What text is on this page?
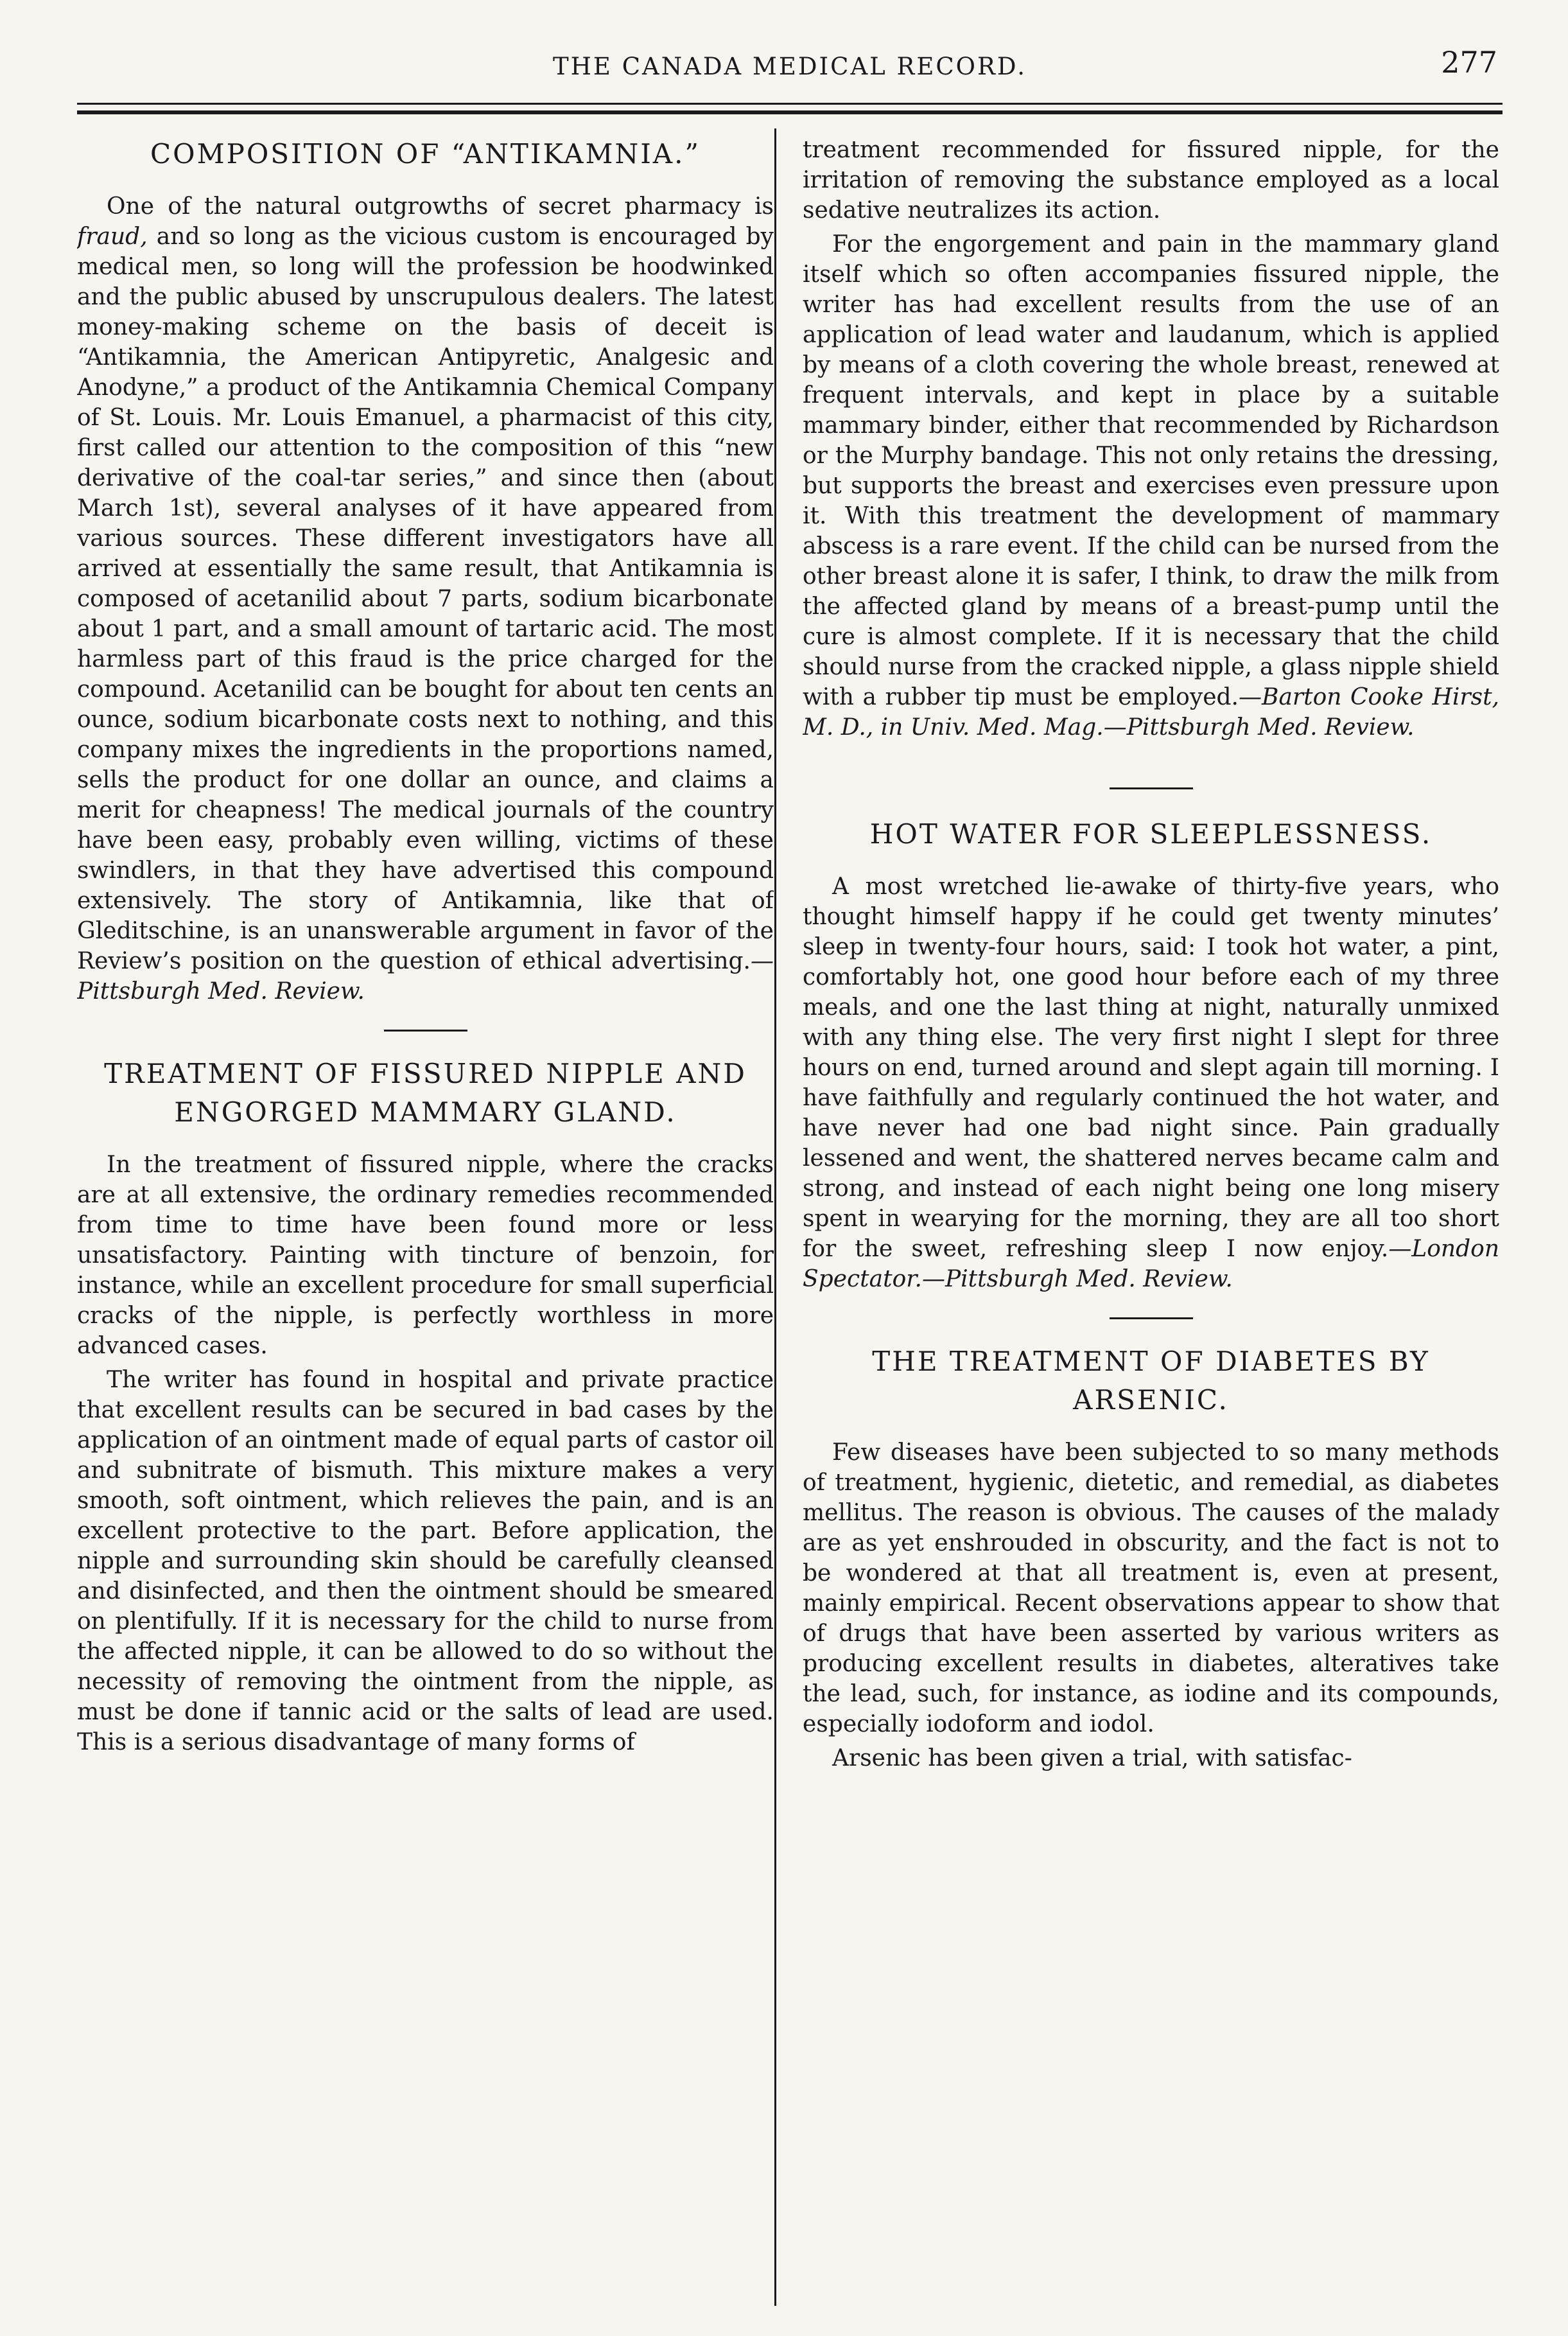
THE CANADA MEDICAL RECORD.	277
COMPOSITION OF “ANTIKAMNIA.”

One of the natural outgrowths of secret pharmacy is fraud, and so long as the vicious custom is encouraged by medical men, so long will the profession be hoodwinked and the public abused by unscrupulous dealers. The latest money-making scheme on the basis of deceit is “Antikamnia, the American Antipyretic, Analgesic and Anodyne,” a product of the Antikamnia Chemical Company of St. Louis. Mr. Louis Emanuel, a pharmacist of this city, first called our attention to the composition of this “new derivative of the coal-tar series,” and since then (about March 1st), several analyses of it have appeared from various sources. These different investigators have all arrived at essentially the same result, that Antikamnia is composed of acetanilid about 7 parts, sodium bicarbonate about 1 part, and a small amount of tartaric acid. The most harmless part of this fraud is the price charged for the compound. Acetanilid can be bought for about ten cents an ounce, sodium bicarbonate costs next to nothing, and this company mixes the ingredients in the proportions named, sells the product for one dollar an ounce, and claims a merit for cheapness! The medical journals of the country have been easy, probably even willing, victims of these swindlers, in that they have advertised this compound extensively. The story of Antikamnia, like that of Gleditschine, is an unanswerable argument in favor of the Review’s position on the question of ethical advertising.—Pittsburgh Med. Review.

TREATMENT OF FISSURED NIPPLE AND ENGORGED MAMMARY GLAND.

In the treatment of fissured nipple, where the cracks are at all extensive, the ordinary remedies recommended from time to time have been found more or less unsatisfactory. Painting with tincture of benzoin, for instance, while an excellent procedure for small superficial cracks of the nipple, is perfectly worthless in more advanced cases.

The writer has found in hospital and private practice that excellent results can be secured in bad cases by the application of an ointment made of equal parts of castor oil and subnitrate of bismuth. This mixture makes a very smooth, soft ointment, which relieves the pain, and is an excellent protective to the part. Before application, the nipple and surrounding skin should be carefully cleansed and disinfected, and then the ointment should be smeared on plentifully. If it is necessary for the child to nurse from the affected nipple, it can be allowed to do so without the necessity of removing the ointment from the nipple, as must be done if tannic acid or the salts of lead are used. This is a serious disadvantage of many forms of

treatment recommended for fissured nipple, for the irritation of removing the substance employed as a local sedative neutralizes its action.

For the engorgement and pain in the mammary gland itself which so often accompanies fissured nipple, the writer has had excellent results from the use of an application of lead water and laudanum, which is applied by means of a cloth covering the whole breast, renewed at frequent intervals, and kept in place by a suitable mammary binder, either that recommended by Richardson or the Murphy bandage. This not only retains the dressing, but supports the breast and exercises even pressure upon it. With this treatment the development of mammary abscess is a rare event. If the child can be nursed from the other breast alone it is safer, I think, to draw the milk from the affected gland by means of a breast-pump until the cure is almost complete. If it is necessary that the child should nurse from the cracked nipple, a glass nipple shield with a rubber tip must be employed.—Barton Cooke Hirst, M. D., in Univ. Med. Mag.—Pittsburgh Med. Review.

HOT WATER FOR SLEEPLESSNESS.

A most wretched lie-awake of thirty-five years, who thought himself happy if he could get twenty minutes’ sleep in twenty-four hours, said: I took hot water, a pint, comfortably hot, one good hour before each of my three meals, and one the last thing at night, naturally unmixed with any thing else. The very first night I slept for three hours on end, turned around and slept again till morning. I have faithfully and regularly continued the hot water, and have never had one bad night since. Pain gradually lessened and went, the shattered nerves became calm and strong, and instead of each night being one long misery spent in wearying for the morning, they are all too short for the sweet, refreshing sleep I now enjoy.—London Spectator.—Pittsburgh Med. Review.

THE TREATMENT OF DIABETES BY ARSENIC.

Few diseases have been subjected to so many methods of treatment, hygienic, dietetic, and remedial, as diabetes mellitus. The reason is obvious. The causes of the malady are as yet enshrouded in obscurity, and the fact is not to be wondered at that all treatment is, even at present, mainly empirical. Recent observations appear to show that of drugs that have been asserted by various writers as producing excellent results in diabetes, alteratives take the lead, such, for instance, as iodine and its compounds, especially iodoform and iodol.

Arsenic has been given a trial, with satisfac-
